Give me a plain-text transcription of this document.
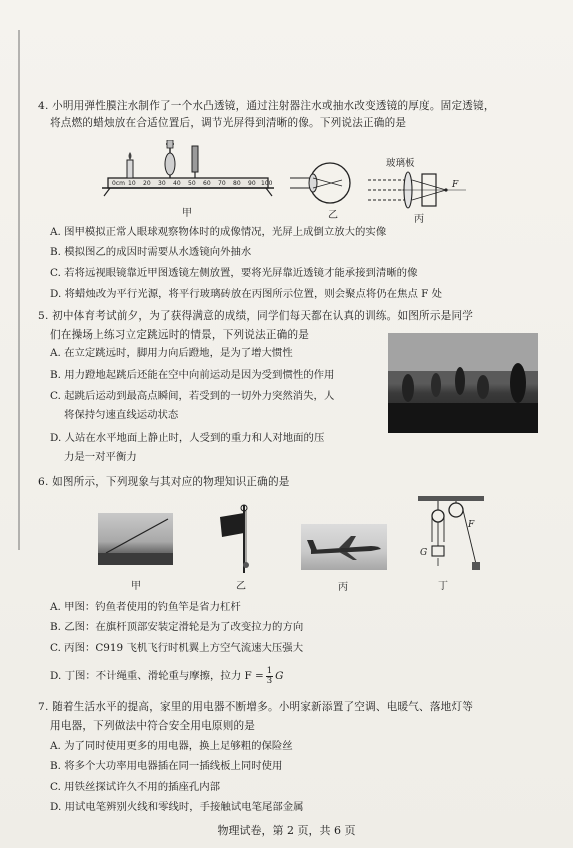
4. 小明用弹性膜注水制作了一个水凸透镜，通过注射器注水或抽水改变透镜的厚度。固定透镜，
将点燃的蜡烛放在合适位置后，调节光屏得到清晰的像。下列说法正确的是
0cm 10 20 30 40 50 60 70 80 90 100
甲	乙
玻璃板
F
丙
A. 图甲模拟正常人眼球观察物体时的成像情况，光屏上成倒立放大的实像
B. 模拟图乙的成因时需要从水透镜向外抽水
C. 若将远视眼镜靠近甲图透镜左侧放置，要将光屏靠近透镜才能承接到清晰的像
D. 将蜡烛改为平行光源，将平行玻璃砖放在丙图所示位置，则会聚点将仍在焦点 F 处
5. 初中体育考试前夕，为了获得满意的成绩，同学们每天都在认真的训练。如图所示是同学
们在操场上练习立定跳远时的情景，下列说法正确的是
A. 在立定跳远时，脚用力向后蹬地，是为了增大惯性
B. 用力蹬地起跳后还能在空中向前运动是因为受到惯性的作用
C. 起跳后运动到最高点瞬间，若受到的一切外力突然消失，人
将保持匀速直线运动状态
D. 人站在水平地面上静止时，人受到的重力和人对地面的压
力是一对平衡力
6. 如图所示，下列现象与其对应的物理知识正确的是
甲	乙	丙
F
G
丁
A. 甲图：钓鱼者使用的钓鱼竿是省力杠杆
B. 乙图：在旗杆顶部安装定滑轮是为了改变拉力的方向
C. 丙图：C919 飞机飞行时机翼上方空气流速大压强大
D. 丁图：不计绳重、滑轮重与摩擦，拉力 $F = \frac{1}{3}$ G
7. 随着生活水平的提高，家里的用电器不断增多。小明家新添置了空调、电暖气、落地灯等
用电器，下列做法中符合安全用电原则的是
A. 为了同时使用更多的用电器，换上足够粗的保险丝
B. 将多个大功率用电器插在同一插线板上同时使用
C. 用铁丝探试许久不用的插座孔内部
D. 用试电笔辨别火线和零线时，手接触试电笔尾部金属
物理试卷，第 2 页，共 6 页
